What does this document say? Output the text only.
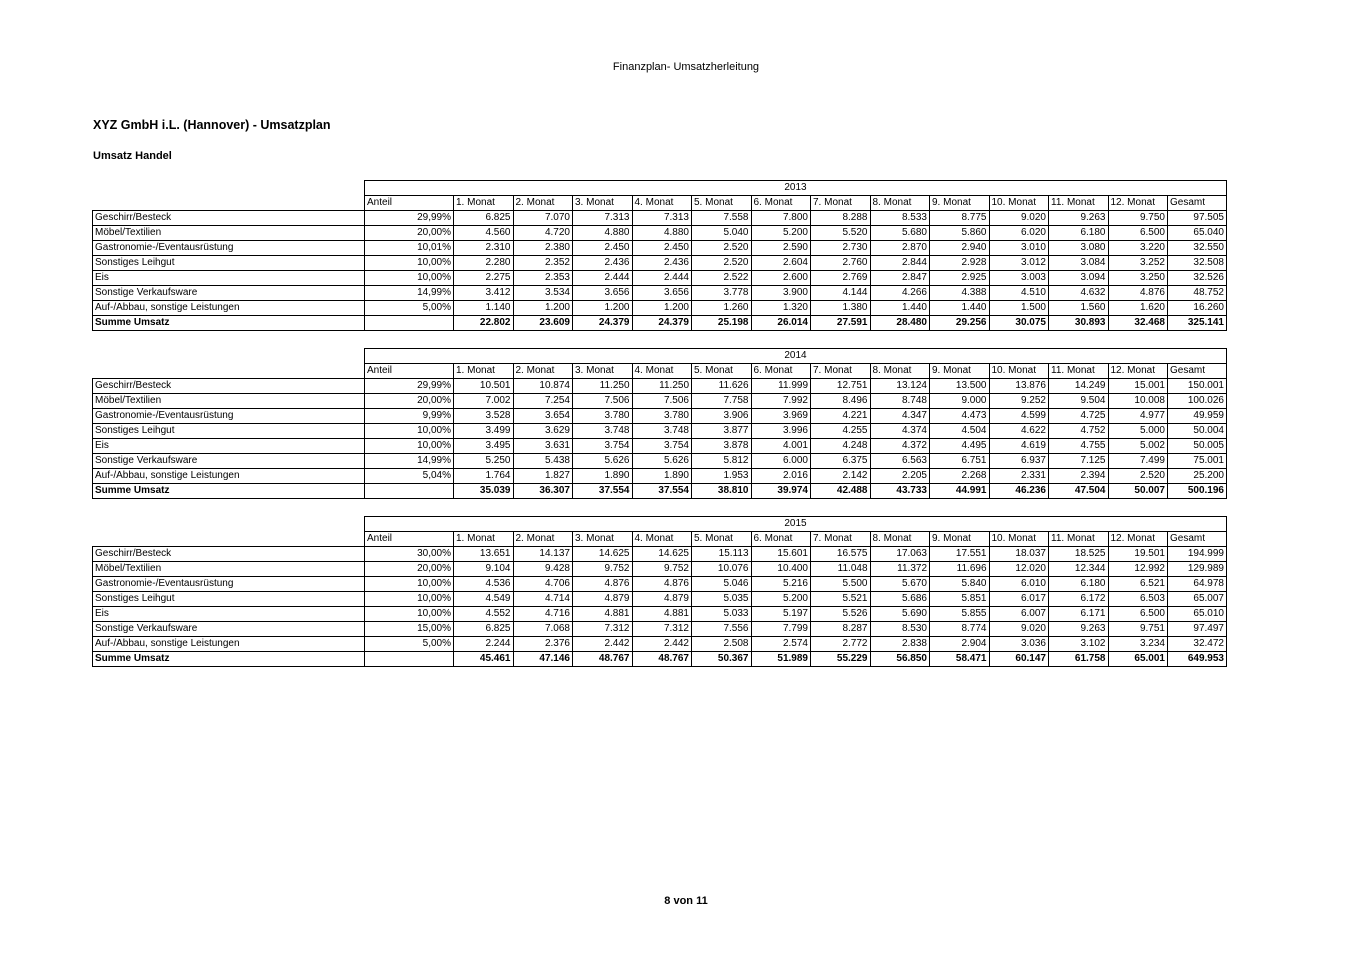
Finanzplan- Umsatzherleitung
XYZ GmbH i.L. (Hannover) - Umsatzplan
Umsatz Handel
	2013													
	Anteil	1. Monat	2. Monat	3. Monat	4. Monat	5. Monat	6. Monat	7. Monat	8. Monat	9. Monat	10. Monat	11. Monat	12. Monat	Gesamt
Geschirr/Besteck	29,99%	6.825	7.070	7.313	7.313	7.558	7.800	8.288	8.533	8.775	9.020	9.263	9.750	97.505
Möbel/Textilien	20,00%	4.560	4.720	4.880	4.880	5.040	5.200	5.520	5.680	5.860	6.020	6.180	6.500	65.040
Gastronomie-/Eventausrüstung	10,01%	2.310	2.380	2.450	2.450	2.520	2.590	2.730	2.870	2.940	3.010	3.080	3.220	32.550
Sonstiges Leihgut	10,00%	2.280	2.352	2.436	2.436	2.520	2.604	2.760	2.844	2.928	3.012	3.084	3.252	32.508
Eis	10,00%	2.275	2.353	2.444	2.444	2.522	2.600	2.769	2.847	2.925	3.003	3.094	3.250	32.526
Sonstige Verkaufsware	14,99%	3.412	3.534	3.656	3.656	3.778	3.900	4.144	4.266	4.388	4.510	4.632	4.876	48.752
Auf-/Abbau, sonstige Leistungen	5,00%	1.140	1.200	1.200	1.200	1.260	1.320	1.380	1.440	1.440	1.500	1.560	1.620	16.260
Summe Umsatz		22.802	23.609	24.379	24.379	25.198	26.014	27.591	28.480	29.256	30.075	30.893	32.468	325.141
	2014													
	Anteil	1. Monat	2. Monat	3. Monat	4. Monat	5. Monat	6. Monat	7. Monat	8. Monat	9. Monat	10. Monat	11. Monat	12. Monat	Gesamt
Geschirr/Besteck	29,99%	10.501	10.874	11.250	11.250	11.626	11.999	12.751	13.124	13.500	13.876	14.249	15.001	150.001
Möbel/Textilien	20,00%	7.002	7.254	7.506	7.506	7.758	7.992	8.496	8.748	9.000	9.252	9.504	10.008	100.026
Gastronomie-/Eventausrüstung	9,99%	3.528	3.654	3.780	3.780	3.906	3.969	4.221	4.347	4.473	4.599	4.725	4.977	49.959
Sonstiges Leihgut	10,00%	3.499	3.629	3.748	3.748	3.877	3.996	4.255	4.374	4.504	4.622	4.752	5.000	50.004
Eis	10,00%	3.495	3.631	3.754	3.754	3.878	4.001	4.248	4.372	4.495	4.619	4.755	5.002	50.005
Sonstige Verkaufsware	14,99%	5.250	5.438	5.626	5.626	5.812	6.000	6.375	6.563	6.751	6.937	7.125	7.499	75.001
Auf-/Abbau, sonstige Leistungen	5,04%	1.764	1.827	1.890	1.890	1.953	2.016	2.142	2.205	2.268	2.331	2.394	2.520	25.200
Summe Umsatz		35.039	36.307	37.554	37.554	38.810	39.974	42.488	43.733	44.991	46.236	47.504	50.007	500.196
	2015													
	Anteil	1. Monat	2. Monat	3. Monat	4. Monat	5. Monat	6. Monat	7. Monat	8. Monat	9. Monat	10. Monat	11. Monat	12. Monat	Gesamt
Geschirr/Besteck	30,00%	13.651	14.137	14.625	14.625	15.113	15.601	16.575	17.063	17.551	18.037	18.525	19.501	194.999
Möbel/Textilien	20,00%	9.104	9.428	9.752	9.752	10.076	10.400	11.048	11.372	11.696	12.020	12.344	12.992	129.989
Gastronomie-/Eventausrüstung	10,00%	4.536	4.706	4.876	4.876	5.046	5.216	5.500	5.670	5.840	6.010	6.180	6.521	64.978
Sonstiges Leihgut	10,00%	4.549	4.714	4.879	4.879	5.035	5.200	5.521	5.686	5.851	6.017	6.172	6.503	65.007
Eis	10,00%	4.552	4.716	4.881	4.881	5.033	5.197	5.526	5.690	5.855	6.007	6.171	6.500	65.010
Sonstige Verkaufsware	15,00%	6.825	7.068	7.312	7.312	7.556	7.799	8.287	8.530	8.774	9.020	9.263	9.751	97.497
Auf-/Abbau, sonstige Leistungen	5,00%	2.244	2.376	2.442	2.442	2.508	2.574	2.772	2.838	2.904	3.036	3.102	3.234	32.472
Summe Umsatz		45.461	47.146	48.767	48.767	50.367	51.989	55.229	56.850	58.471	60.147	61.758	65.001	649.953
8 von 11
